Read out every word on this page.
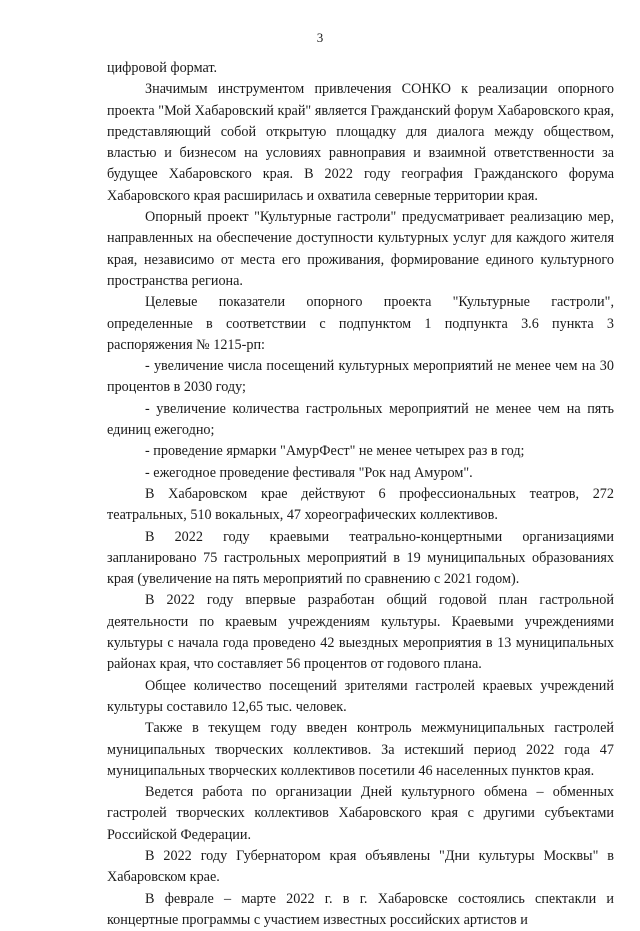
3

цифровой формат.

Значимым инструментом привлечения СОНКО к реализации опорного проекта "Мой Хабаровский край" является Гражданский форум Хабаровского края, представляющий собой открытую площадку для диалога между обществом, властью и бизнесом на условиях равноправия и взаимной ответственности за будущее Хабаровского края. В 2022 году география Гражданского форума Хабаровского края расширилась и охватила северные территории края.

Опорный проект "Культурные гастроли" предусматривает реализацию мер, направленных на обеспечение доступности культурных услуг для каждого жителя края, независимо от места его проживания, формирование единого культурного пространства региона.

Целевые показатели опорного проекта "Культурные гастроли", определенные в соответствии с подпунктом 1 подпункта 3.6 пункта 3 распоряжения № 1215-рп:

- увеличение числа посещений культурных мероприятий не менее чем на 30 процентов в 2030 году;

- увеличение количества гастрольных мероприятий не менее чем на пять единиц ежегодно;

- проведение ярмарки "АмурФест" не менее четырех раз в год;

- ежегодное проведение фестиваля "Рок над Амуром".

В Хабаровском крае действуют 6 профессиональных театров, 272 театральных, 510 вокальных, 47 хореографических коллективов.

В 2022 году краевыми театрально-концертными организациями запланировано 75 гастрольных мероприятий в 19 муниципальных образованиях края (увеличение на пять мероприятий по сравнению с 2021 годом).

В 2022 году впервые разработан общий годовой план гастрольной деятельности по краевым учреждениям культуры. Краевыми учреждениями культуры с начала года проведено 42 выездных мероприятия в 13 муниципальных районах края, что составляет 56 процентов от годового плана.

Общее количество посещений зрителями гастролей краевых учреждений культуры составило 12,65 тыс. человек.

Также в текущем году введен контроль межмуниципальных гастролей муниципальных творческих коллективов. За истекший период 2022 года 47 муниципальных творческих коллективов посетили 46 населенных пунктов края.

Ведется работа по организации Дней культурного обмена – обменных гастролей творческих коллективов Хабаровского края с другими субъектами Российской Федерации.

В 2022 году Губернатором края объявлены "Дни культуры Москвы" в Хабаровском крае.

В феврале – марте 2022 г. в г. Хабаровске состоялись спектакли и концертные программы с участием известных российских артистов и
